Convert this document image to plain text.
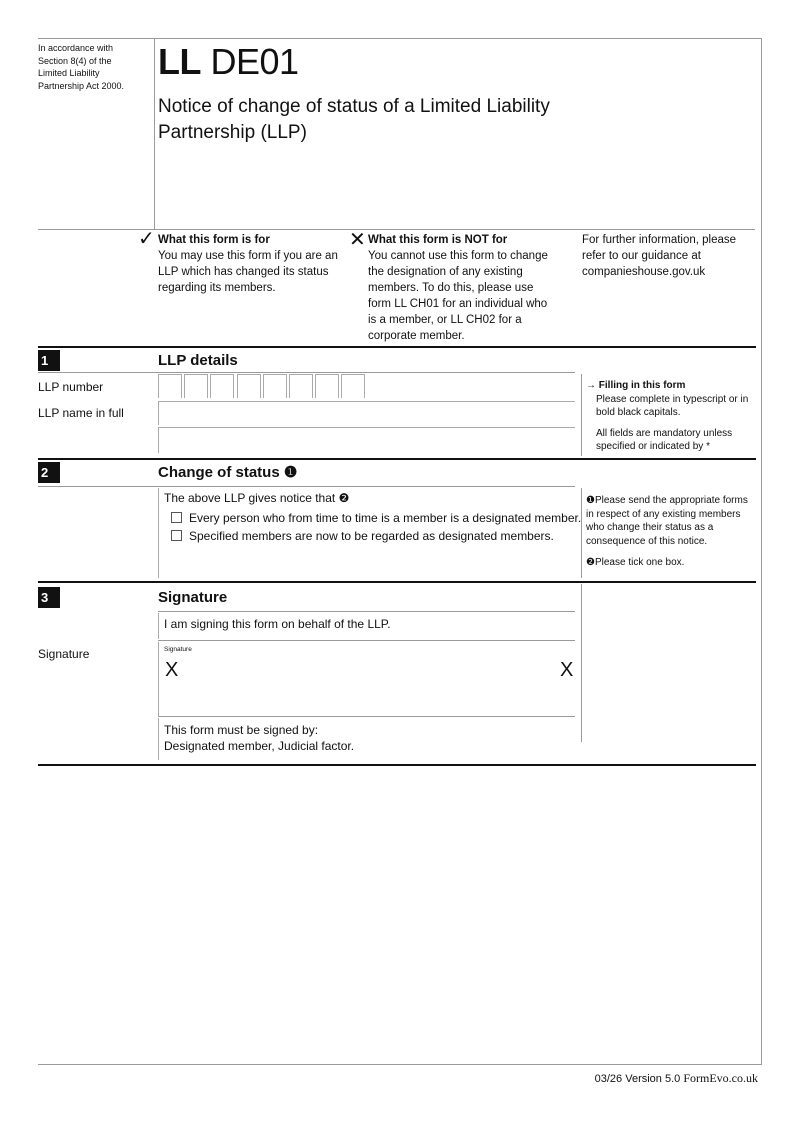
In accordance with Section 8(4) of the Limited Liability Partnership Act 2000.
LL DE01
Notice of change of status of a Limited Liability Partnership (LLP)
✓ What this form is for
You may use this form if you are an LLP which has changed its status regarding its members.
✕ What this form is NOT for
You cannot use this form to change the designation of any existing members. To do this, please use form LL CH01 for an individual who is a member, or LL CH02 for a corporate member.
For further information, please refer to our guidance at companieshouse.gov.uk
1	LLP details
LLP number
LLP name in full
→ Filling in this form
Please complete in typescript or in bold black capitals.
All fields are mandatory unless specified or indicated by *
2	Change of status ❶
The above LLP gives notice that ❷
Every person who from time to time is a member is a designated member.
Specified members are now to be regarded as designated members.
❶Please send the appropriate forms in respect of any existing members who change their status as a consequence of this notice.
❷Please tick one box.
3	Signature
I am signing this form on behalf of the LLP.
Signature	Signature
X	X
This form must be signed by:
Designated member, Judicial factor.
03/26 Version 5.0 FormEvo.co.uk
